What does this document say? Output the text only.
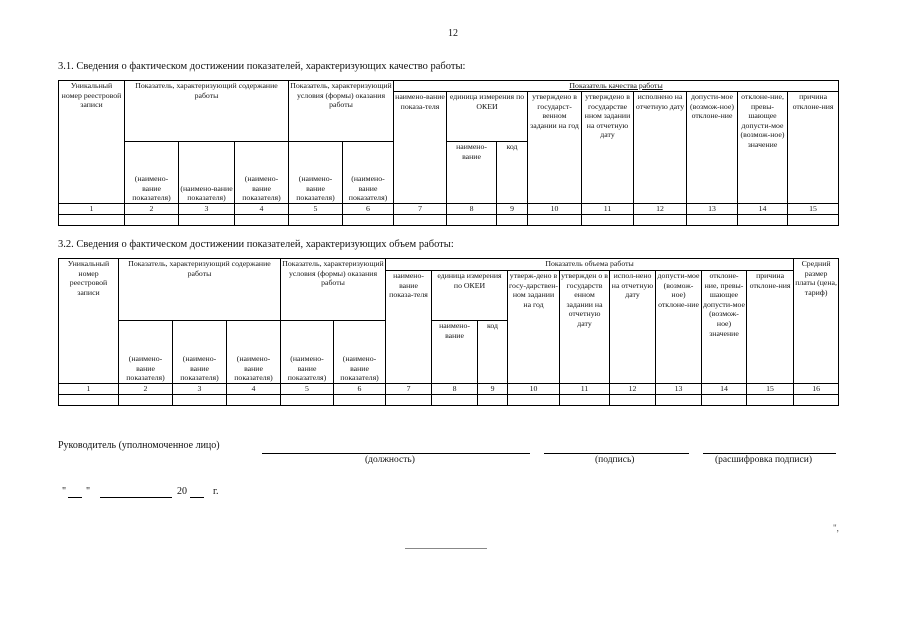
12
3.1. Сведения о фактическом достижении показателей, характеризующих качество работы:
Уникальный номер реестровой записи	Показатель, характеризующий содержание работы			Показатель, характеризующий условия (формы) оказания работы		Показатель качества работы								
						наимено-вание показа-теля	единица измерения по ОКЕИ		утверждено в государст-венном задании на год	утверждено в государстве нном задании на отчетную дату	исполнено на отчетную дату	допусти-мое (возмож-ное) отклоне-ние	отклоне-ние, превы-шающее допусти-мое (возмож-ное) значение	причина отклоне-ния
	(наимено-вание показателя)	(наимено-вание показателя)	(наимено-вание показателя)	(наимено-вание показателя)	(наимено-вание показателя)		наимено-вание	код						
1	2	3	4	5	6	7	8	9	10	11	12	13	14	15

3.2. Сведения о фактическом достижении показателей, характеризующих объем работы:
Уникальный номер реестровой записи	Показатель, характеризующий содержание работы			Показатель, характеризующий условия (формы) оказания работы		Показатель объема работы									Средний размер платы (цена, тариф)
						наимено-вание показа-теля	единица измерения по ОКЕИ		утверж-дено в госу-дарствен-ном задании на год	утвержден о в государств енном задании на отчетную дату	испол-нено на отчетную дату	допусти-мое (возмож-ное) отклоне-ние	отклоне-ние, превы-шающее допусти-мое (возмож-ное) значение	причина отклоне-ния	
	(наимено-вание показателя)	(наимено-вание показателя)	(наимено-вание показателя)	(наимено-вание показателя)	(наимено-вание показателя)		наимено-вание	код							
1	2	3	4	5	6	7	8	9	10	11	12	13	14	15	16

Руководитель (уполномоченное лицо)
(должность)	(подпись)	(расшифровка подписи)
" "	20	г.
",
